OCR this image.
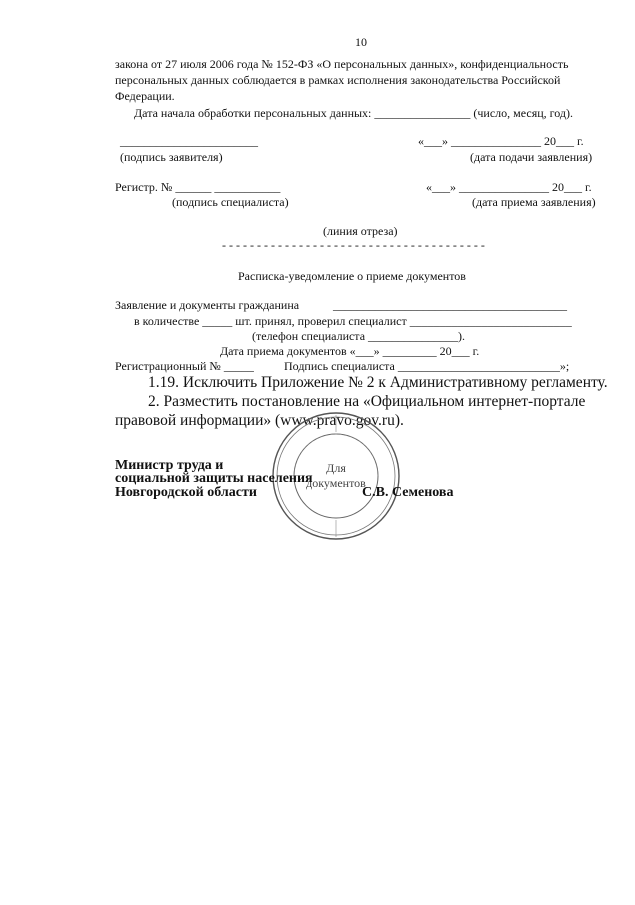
10
закона от 27 июля 2006 года № 152-ФЗ «О персональных данных», конфиденциальность
персональных данных соблюдается в рамках исполнения законодательства Российской
Федерации.
Дата начала обработки персональных данных: ________________ (число, месяц, год).
_______________________	«___» _______________ 20___ г.
(подпись заявителя)	(дата подачи заявления)
Регистр. № ______ ___________	«___» _______________ 20___ г.
(подпись специалиста)	(дата приема заявления)
(линия отреза)
- - - - - - - - - - - - - - - - - - - - - - - - - - - - - - - - - - - - - -
Расписка-уведомление о приеме документов
Заявление и документы гражданина	_______________________________________
в количестве _____ шт. принял, проверил специалист ___________________________
(телефон специалиста _______________).
Дата приема документов «___» _________ 20___ г.
Регистрационный № _____	Подпись специалиста ___________________________»;
1.19. Исключить Приложение № 2 к Административному регламенту.
2. Разместить постановление на «Официальном интернет-портале
правовой информации» (www.pravo.gov.ru).
Для
документов
Министр труда и
социальной защиты населения
Новгородской области	С.В. Семенова
